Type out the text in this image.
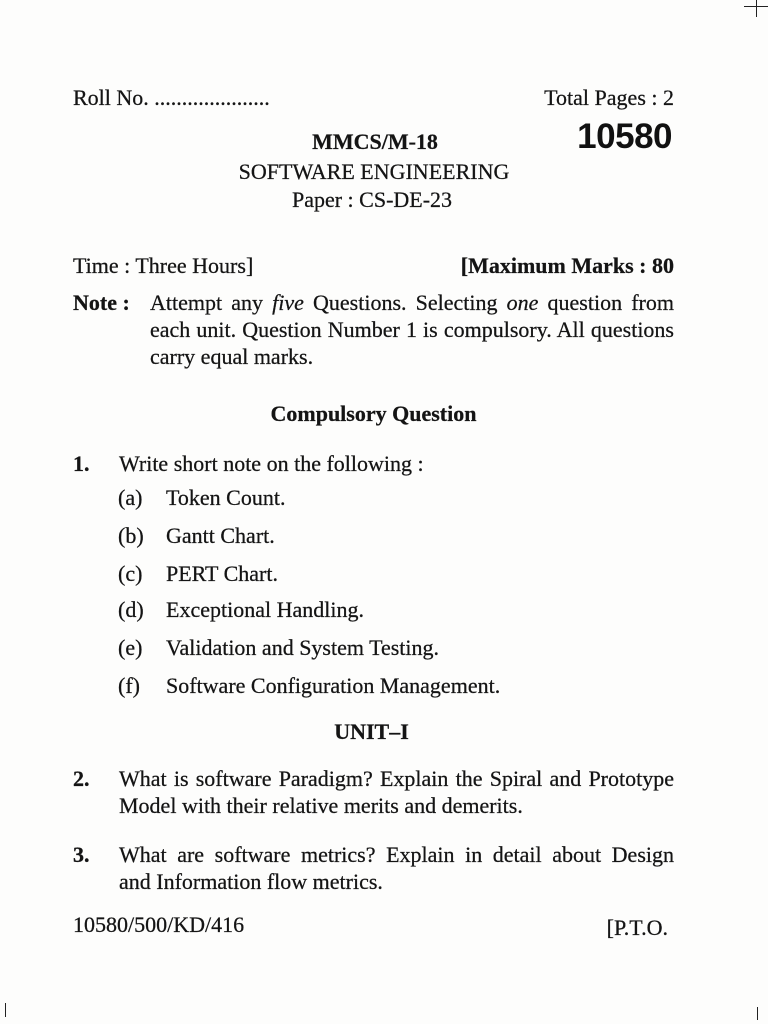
Roll No. .....................	Total Pages : 2
MMCS/M-18	10580
SOFTWARE ENGINEERING
Paper : CS-DE-23
Time : Three Hours]	[Maximum Marks : 80
Note : Attempt any five Questions. Selecting one question from
each unit. Question Number 1 is compulsory. All questions
carry equal marks.
Compulsory Question
1. Write short note on the following :
(a) Token Count.
(b) Gantt Chart.
(c) PERT Chart.
(d) Exceptional Handling.
(e) Validation and System Testing.
(f) Software Configuration Management.
UNIT–I
2. What is software Paradigm? Explain the Spiral and Prototype
Model with their relative merits and demerits.
3. What are software metrics? Explain in detail about Design
and Information flow metrics.
10580/500/KD/416	[P.T.O.
